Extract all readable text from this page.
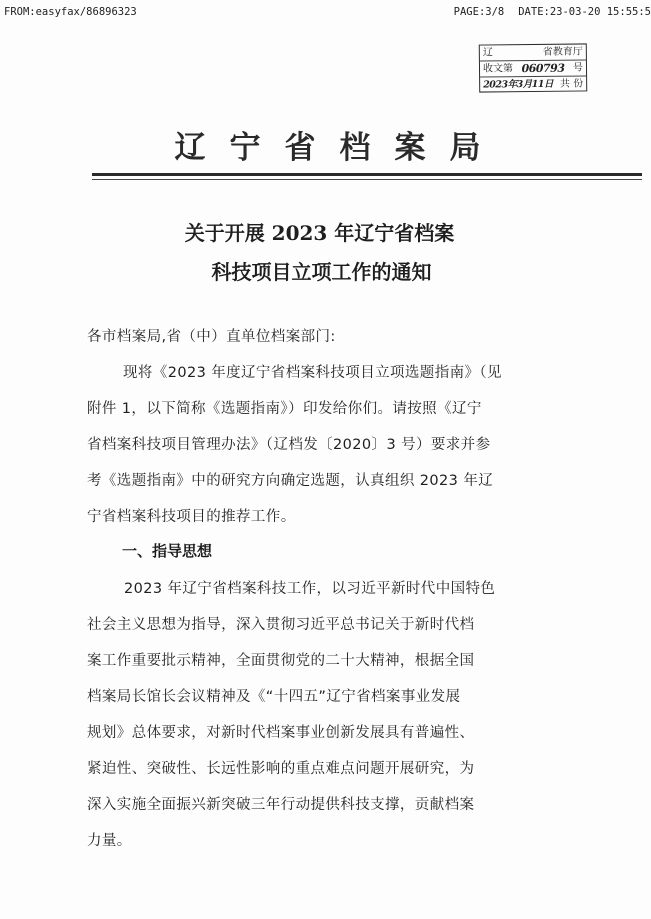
FROM:easyfax/86896323	PAGE:3/8 DATE:23-03-20 15:55:5
辽	省教育厅
收文第 060793 号
2023年3月11日 共 份
辽宁省档案局
关于开展 2023 年辽宁省档案
科技项目立项工作的通知
各市档案局,省（中）直单位档案部门:
现将《2023 年度辽宁省档案科技项目立项选题指南》（见
附件 1，以下简称《选题指南》）印发给你们。请按照《辽宁
省档案科技项目管理办法》（辽档发〔2020〕3 号）要求并参
考《选题指南》中的研究方向确定选题，认真组织 2023 年辽
宁省档案科技项目的推荐工作。
一、指导思想
2023 年辽宁省档案科技工作，以习近平新时代中国特色
社会主义思想为指导，深入贯彻习近平总书记关于新时代档
案工作重要批示精神，全面贯彻党的二十大精神，根据全国
档案局长馆长会议精神及《“十四五”辽宁省档案事业发展
规划》总体要求，对新时代档案事业创新发展具有普遍性、
紧迫性、突破性、长远性影响的重点难点问题开展研究，为
深入实施全面振兴新突破三年行动提供科技支撑，贡献档案
力量。
